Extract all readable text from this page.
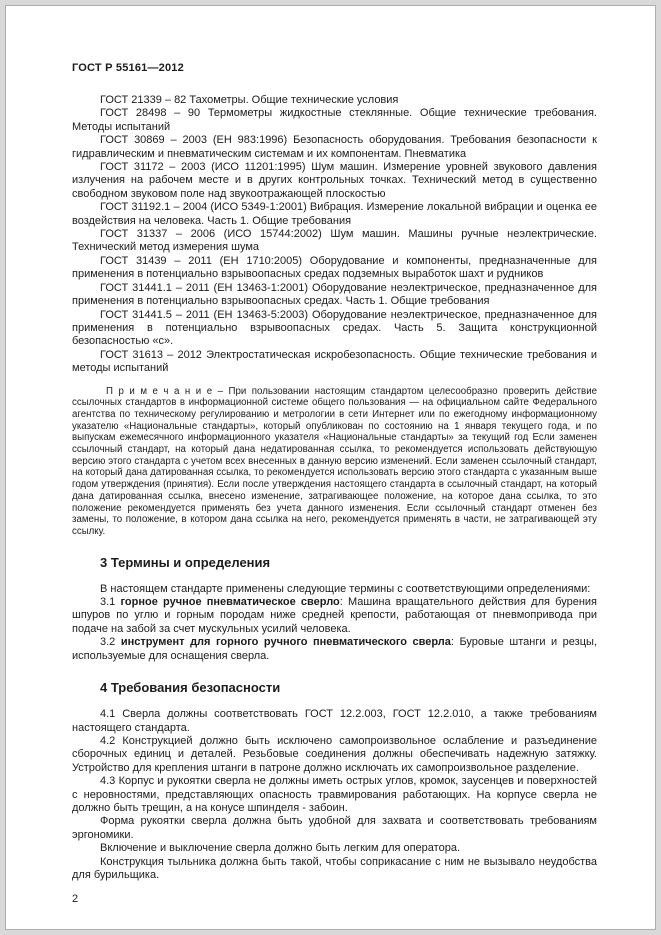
ГОСТ Р 55161—2012

ГОСТ 21339 – 82 Тахометры. Общие технические условия

ГОСТ 28498 – 90 Термометры жидкостные стеклянные. Общие технические требования. Методы испытаний

ГОСТ 30869 – 2003 (ЕН 983:1996) Безопасность оборудования. Требования безопасности к гидравлическим и пневматическим системам и их компонентам. Пневматика

ГОСТ 31172 – 2003 (ИСО 11201:1995) Шум машин. Измерение уровней звукового давления излучения на рабочем месте и в других контрольных точках. Технический метод в существенно свободном звуковом поле над звукоотражающей плоскостью

ГОСТ 31192.1 – 2004 (ИСО 5349-1:2001) Вибрация. Измерение локальной вибрации и оценка ее воздействия на человека. Часть 1. Общие требования

ГОСТ 31337 – 2006 (ИСО 15744:2002) Шум машин. Машины ручные неэлектрические. Технический метод измерения шума

ГОСТ 31439 – 2011 (ЕН 1710:2005) Оборудование и компоненты, предназначенные для применения в потенциально взрывоопасных средах подземных выработок шахт и рудников

ГОСТ 31441.1 – 2011 (ЕН 13463-1:2001) Оборудование неэлектрическое, предназначенное для применения в потенциально взрывоопасных средах. Часть 1. Общие требования

ГОСТ 31441.5 – 2011 (ЕН 13463-5:2003) Оборудование неэлектрическое, предназначенное для применения в потенциально взрывоопасных средах. Часть 5. Защита конструкционной безопасностью «с».

ГОСТ 31613 – 2012 Электростатическая искробезопасность. Общие технические требования и методы испытаний

П р и м е ч а н и е – При пользовании настоящим стандартом целесообразно проверить действие ссылочных стандартов в информационной системе общего пользования — на официальном сайте Федерального агентства по техническому регулированию и метрологии в сети Интернет или по ежегодному информационному указателю «Национальные стандарты», который опубликован по состоянию на 1 января текущего года, и по выпускам ежемесячного информационного указателя «Национальные стандарты» за текущий год Если заменен ссылочный стандарт, на который дана недатированная ссылка, то рекомендуется использовать действующую версию этого стандарта с учетом всех внесенных в данную версию изменений. Если заменен ссылочный стандарт, на который дана датированная ссылка, то рекомендуется использовать версию этого стандарта с указанным выше годом утверждения (принятия). Если после утверждения настоящего стандарта в ссылочный стандарт, на который дана датированная ссылка, внесено изменение, затрагивающее положение, на которое дана ссылка, то это положение рекомендуется применять без учета данного изменения. Если ссылочный стандарт отменен без замены, то положение, в котором дана ссылка на него, рекомендуется применять в части, не затрагивающей эту ссылку.

3 Термины и определения

В настоящем стандарте применены следующие термины с соответствующими определениями:

3.1 горное ручное пневматическое сверло: Машина вращательного действия для бурения шпуров по углю и горным породам ниже средней крепости, работающая от пневмопривода при подаче на забой за счет мускульных усилий человека.

3.2 инструмент для горного ручного пневматического сверла: Буровые штанги и резцы, используемые для оснащения сверла.

4 Требования безопасности

4.1 Сверла должны соответствовать ГОСТ 12.2.003, ГОСТ 12.2.010, а также требованиям настоящего стандарта.

4.2 Конструкцией должно быть исключено самопроизвольное ослабление и разъединение сборочных единиц и деталей. Резьбовые соединения должны обеспечивать надежную затяжку. Устройство для крепления штанги в патроне должно исключать их самопроизвольное разделение.

4.3 Корпус и рукоятки сверла не должны иметь острых углов, кромок, заусенцев и поверхностей с неровностями, представляющих опасность травмирования работающих. На корпусе сверла не должно быть трещин, а на конусе шпинделя - забоин.

Форма рукоятки сверла должна быть удобной для захвата и соответствовать требованиям эргономики.

Включение и выключение сверла должно быть легким для оператора.

Конструкция тыльника должна быть такой, чтобы соприкасание с ним не вызывало неудобства для бурильщика.

2
